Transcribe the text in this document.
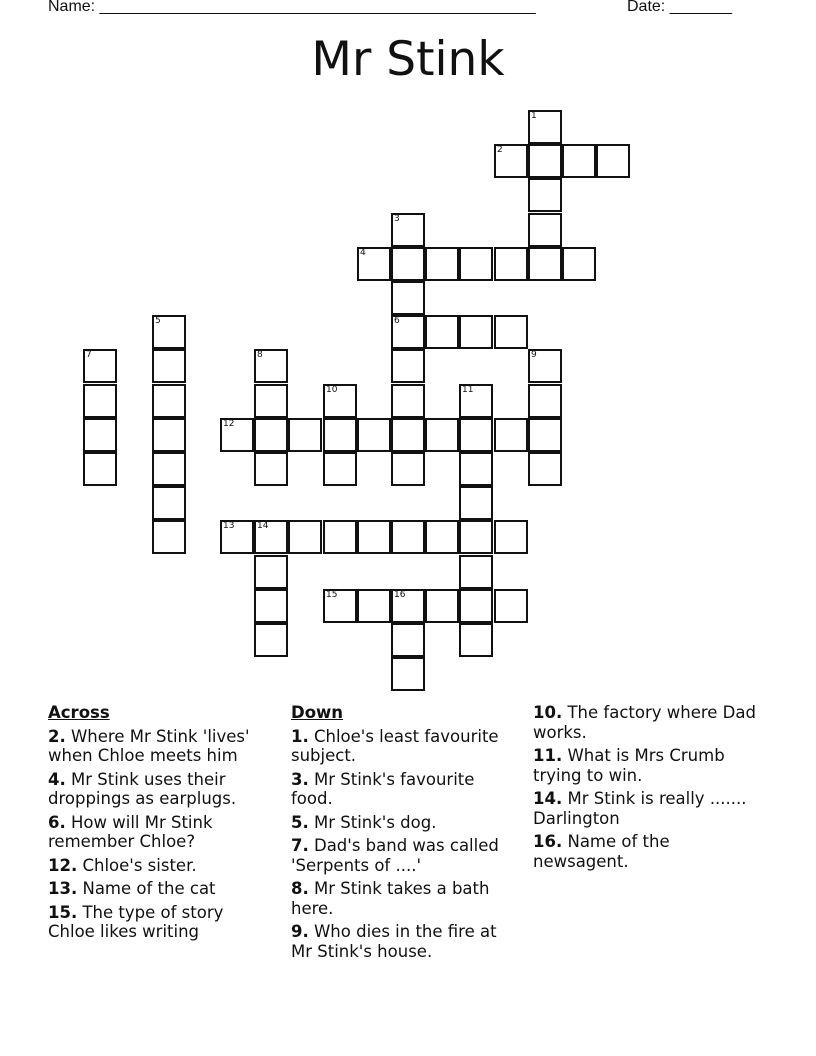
Name: _________________________________________________	Date: _______
Mr Stink
1
2
3
6
4
5
7	8	9
10	11
12
13	14
15	16
Across
2. Where Mr Stink 'lives' when Chloe meets him
4. Mr Stink uses their droppings as earplugs.
6. How will Mr Stink remember Chloe?
12. Chloe's sister.
13. Name of the cat
15. The type of story Chloe likes writing
Down
1. Chloe's least favourite subject.
3. Mr Stink's favourite food.
5. Mr Stink's dog.
7. Dad's band was called 'Serpents of ....'
8. Mr Stink takes a bath here.
9. Who dies in the fire at Mr Stink's house.
10. The factory where Dad works.
11. What is Mrs Crumb trying to win.
14. Mr Stink is really ....... Darlington
16. Name of the newsagent.
